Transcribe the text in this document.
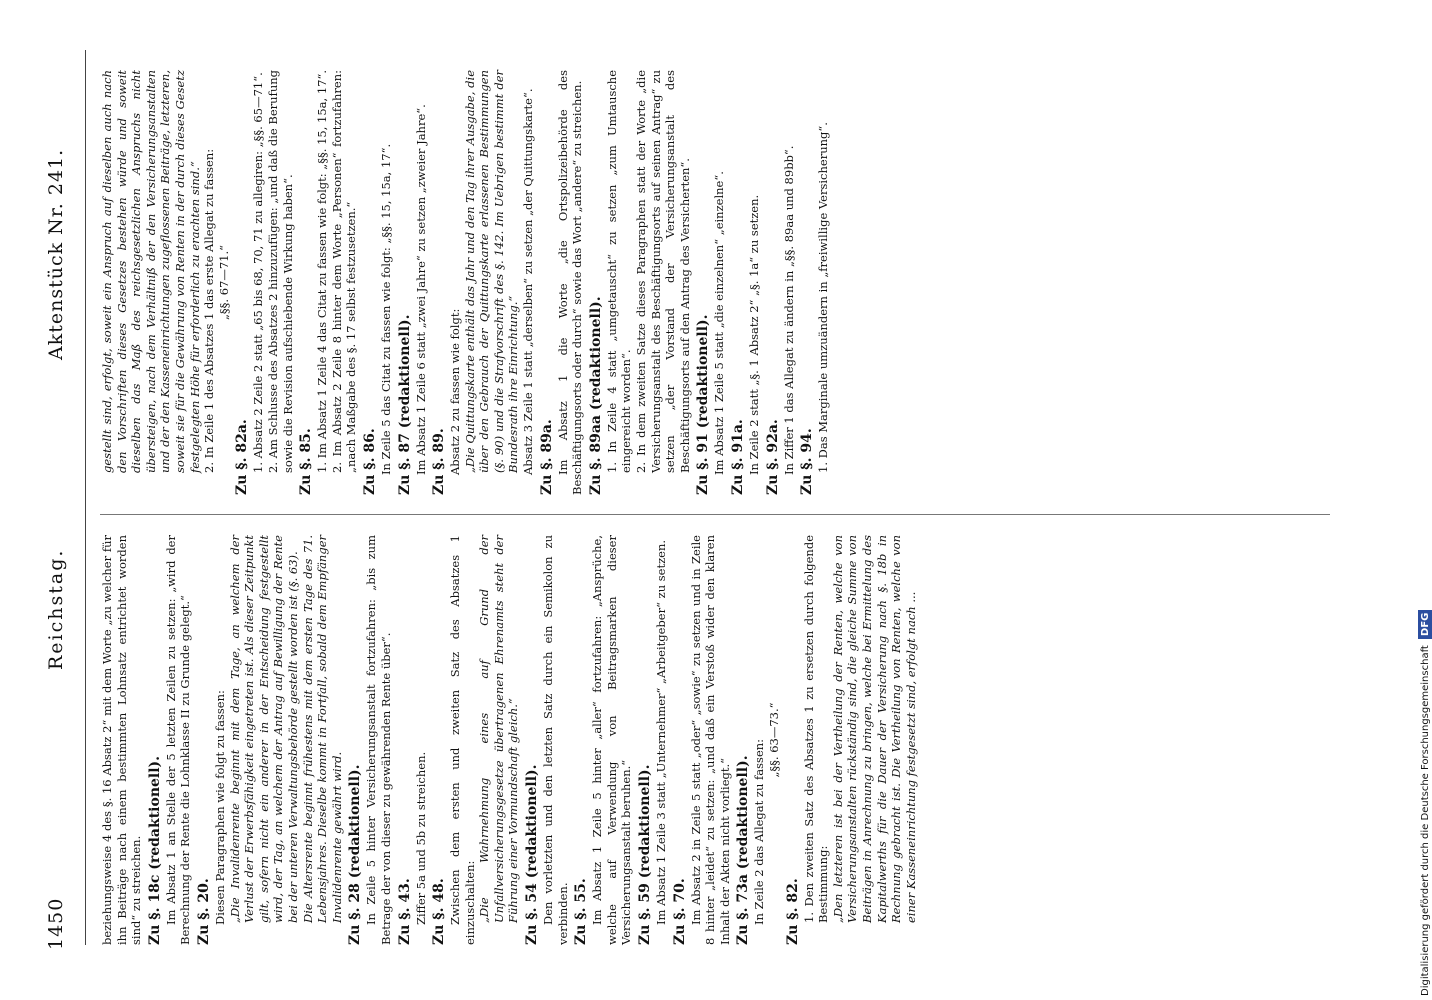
1450
Reichstag.
Aktenstück Nr. 241.

beziehungsweise 4 des §. 16 Absatz 2“ mit dem Worte „zu welcher für ihn Beiträge nach einem bestimmten Lohnsatz entrichtet worden sind“ zu streichen. Zu §. 18c (redaktionell). Im Absatz 1 an Stelle der 5 letzten Zeilen zu setzen: „wird der Berechnung der Rente die Lohnklasse II zu Grunde gelegt.“ Zu §. 20. Diesen Paragraphen wie folgt zu fassen: „Die Invalidenrente beginnt mit dem Tage, an welchem der Verlust der Erwerbsfähigkeit eingetreten ist. Als dieser Zeitpunkt gilt, sofern nicht ein anderer in der Entscheidung festgestellt wird, der Tag, an welchem der Antrag auf Bewilligung der Rente bei der unteren Verwaltungsbehörde gestellt worden ist (§. 63). Die Altersrente beginnt frühestens mit dem ersten Tage des 71. Lebensjahres. Dieselbe kommt in Fortfall, sobald dem Empfänger Invalidenrente gewährt wird. Zu §. 28 (redaktionell). In Zeile 5 hinter Versicherungsanstalt fortzufahren: „bis zum Betrage der von dieser zu gewährenden Rente über“. Zu §. 43. Ziffer 5a und 5b zu streichen. Zu §. 48. Zwischen dem ersten und zweiten Satz des Absatzes 1 einzuschalten: „Die Wahrnehmung eines auf Grund der Unfallversicherungsgesetze übertragenen Ehrenamts steht der Führung einer Vormundschaft gleich.“ Zu §. 54 (redaktionell). Den vorletzten und den letzten Satz durch ein Semikolon zu verbinden. Zu §. 55. Im Absatz 1 Zeile 5 hinter „aller“ fortzufahren: „Ansprüche, welche auf Verwendung von Beitragsmarken dieser Versicherungsanstalt beruhen.“ Zu §. 59 (redaktionell). Im Absatz 1 Zeile 3 statt „Unternehmer“ „Arbeitgeber“ zu setzen. Zu §. 70. Im Absatz 2 in Zeile 5 statt „oder“ „sowie“ zu setzen und in Zeile 8 hinter „leidet“ zu setzen: „und daß ein Verstoß wider den klaren Inhalt der Akten nicht vorliegt.“ Zu §. 73a (redaktionell). In Zeile 2 das Allegat zu fassen: „§§. 63—73.“

Zu §. 82. 1. Den zweiten Satz des Absatzes 1 zu ersetzen durch folgende Bestimmung: „Den letzteren ist bei der Vertheilung der Renten, welche von Versicherungsanstalten rückständig sind, die gleiche Summe von Beiträgen in Anrechnung zu bringen, welche bei Ermittelung des Kapitalwerths für die Dauer der Versicherung nach §. 18b in Rechnung gebracht ist. Die Vertheilung von Renten, welche von einer Kasseneinrichtung festgesetzt sind, erfolgt nach ...

gestellt sind, erfolgt, soweit ein Anspruch auf dieselben auch nach den Vorschriften dieses Gesetzes bestehen würde und soweit dieselben das Maß des reichsgesetzlichen Anspruchs nicht übersteigen, nach dem Verhältniß der den Versicherungsanstalten und der den Kasseneinrichtungen zugeflossenen Beiträge, letzteren, soweit sie für die Gewährung von Renten in der durch dieses Gesetz festgelegten Höhe für erforderlich zu erachten sind.“ 2. In Zeile 1 des Absatzes 1 das erste Allegat zu fassen: „§§. 67—71.“

Zu §. 82a. 1. Absatz 2 Zeile 2 statt „65 bis 68, 70, 71 zu allegiren: „§§. 65—71“. 2. Am Schlusse des Absatzes 2 hinzuzufügen: „und daß die Berufung sowie die Revision aufschiebende Wirkung haben“. Zu §. 85. 1. Im Absatz 1 Zeile 4 das Citat zu fassen wie folgt: „§§. 15, 15a, 17“. 2. Im Absatz 2 Zeile 8 hinter dem Worte „Personen“ fortzufahren: „nach Maßgabe des §. 17 selbst festzusetzen.“ Zu §. 86. In Zeile 5 das Citat zu fassen wie folgt: „§§. 15, 15a, 17“. Zu §. 87 (redaktionell). Im Absatz 1 Zeile 6 statt „zwei Jahre“ zu setzen „zweier Jahre“. Zu §. 89. Absatz 2 zu fassen wie folgt: „Die Quittungskarte enthält das Jahr und den Tag ihrer Ausgabe, die über den Gebrauch der Quittungskarte erlassenen Bestimmungen (§. 90) und die Strafvorschrift des §. 142. Im Uebrigen bestimmt der Bundesrath ihre Einrichtung.“ Absatz 3 Zeile 1 statt „derselben“ zu setzen „der Quittungskarte“. Zu §. 89a. Im Absatz 1 die Worte „die Ortspolizeibehörde des Beschäftigungsorts oder durch“ sowie das Wort „andere“ zu streichen. Zu §. 89aa (redaktionell). 1. In Zeile 4 statt „umgetauscht“ zu setzen „zum Umtausche eingereicht worden“. 2. In dem zweiten Satze dieses Paragraphen statt der Worte „die Versicherungsanstalt des Beschäftigungsorts auf seinen Antrag“ zu setzen „der Vorstand der Versicherungsanstalt des Beschäftigungsorts auf den Antrag des Versicherten“. Zu §. 91 (redaktionell). Im Absatz 1 Zeile 5 statt „die einzelnen“ „einzelne“. Zu §. 91a. In Zeile 2 statt „§. 1 Absatz 2“ „§. 1a“ zu setzen. Zu §. 92a. In Ziffer 1 das Allegat zu ändern in „§§. 89aa und 89bb“. Zu §. 94. 1. Das Marginale umzuändern in „freiwillige Versicherung“.

Digitalisierung gefördert durch die Deutsche Forschungsgemeinschaft DFG
